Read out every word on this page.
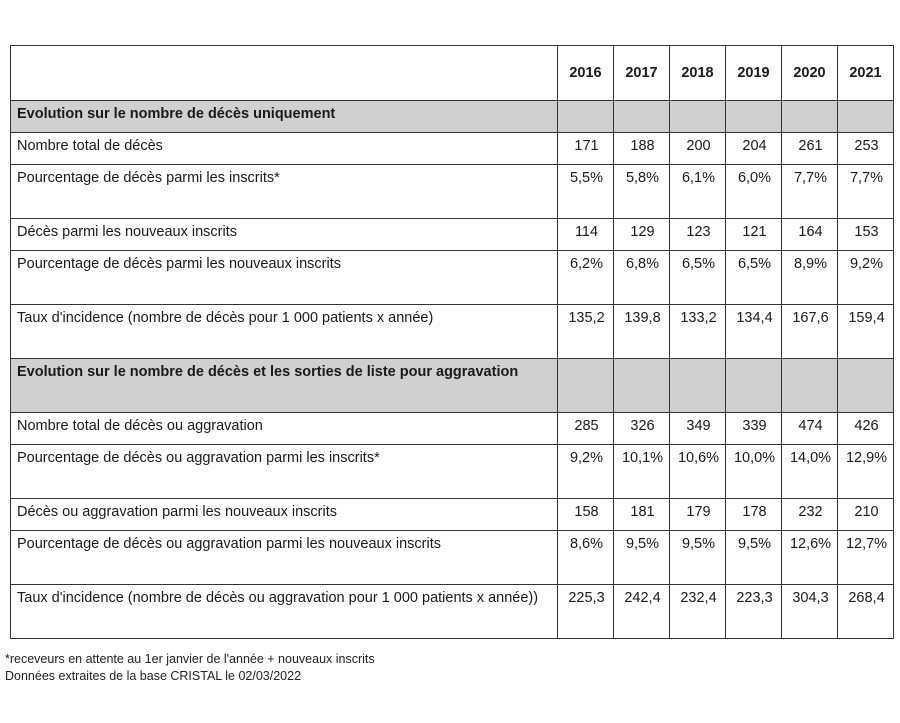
	2016	2017	2018	2019	2020	2021
Evolution sur le nombre de décès uniquement						
Nombre total de décès	171	188	200	204	261	253
Pourcentage de décès parmi les inscrits*	5,5%	5,8%	6,1%	6,0%	7,7%	7,7%
Décès parmi les nouveaux inscrits	114	129	123	121	164	153
Pourcentage de décès parmi les nouveaux inscrits	6,2%	6,8%	6,5%	6,5%	8,9%	9,2%
Taux d'incidence (nombre de décès pour 1 000 patients x année)	135,2	139,8	133,2	134,4	167,6	159,4
Evolution sur le nombre de décès et les sorties de liste pour aggravation						
Nombre total de décès ou aggravation	285	326	349	339	474	426
Pourcentage de décès ou aggravation parmi les inscrits*	9,2%	10,1%	10,6%	10,0%	14,0%	12,9%
Décès ou aggravation parmi les nouveaux inscrits	158	181	179	178	232	210
Pourcentage de décès ou aggravation parmi les nouveaux inscrits	8,6%	9,5%	9,5%	9,5%	12,6%	12,7%
Taux d'incidence (nombre de décès ou aggravation pour 1 000 patients x année))	225,3	242,4	232,4	223,3	304,3	268,4
*receveurs en attente au 1er janvier de l'année + nouveaux inscrits
Données extraites de la base CRISTAL le 02/03/2022
